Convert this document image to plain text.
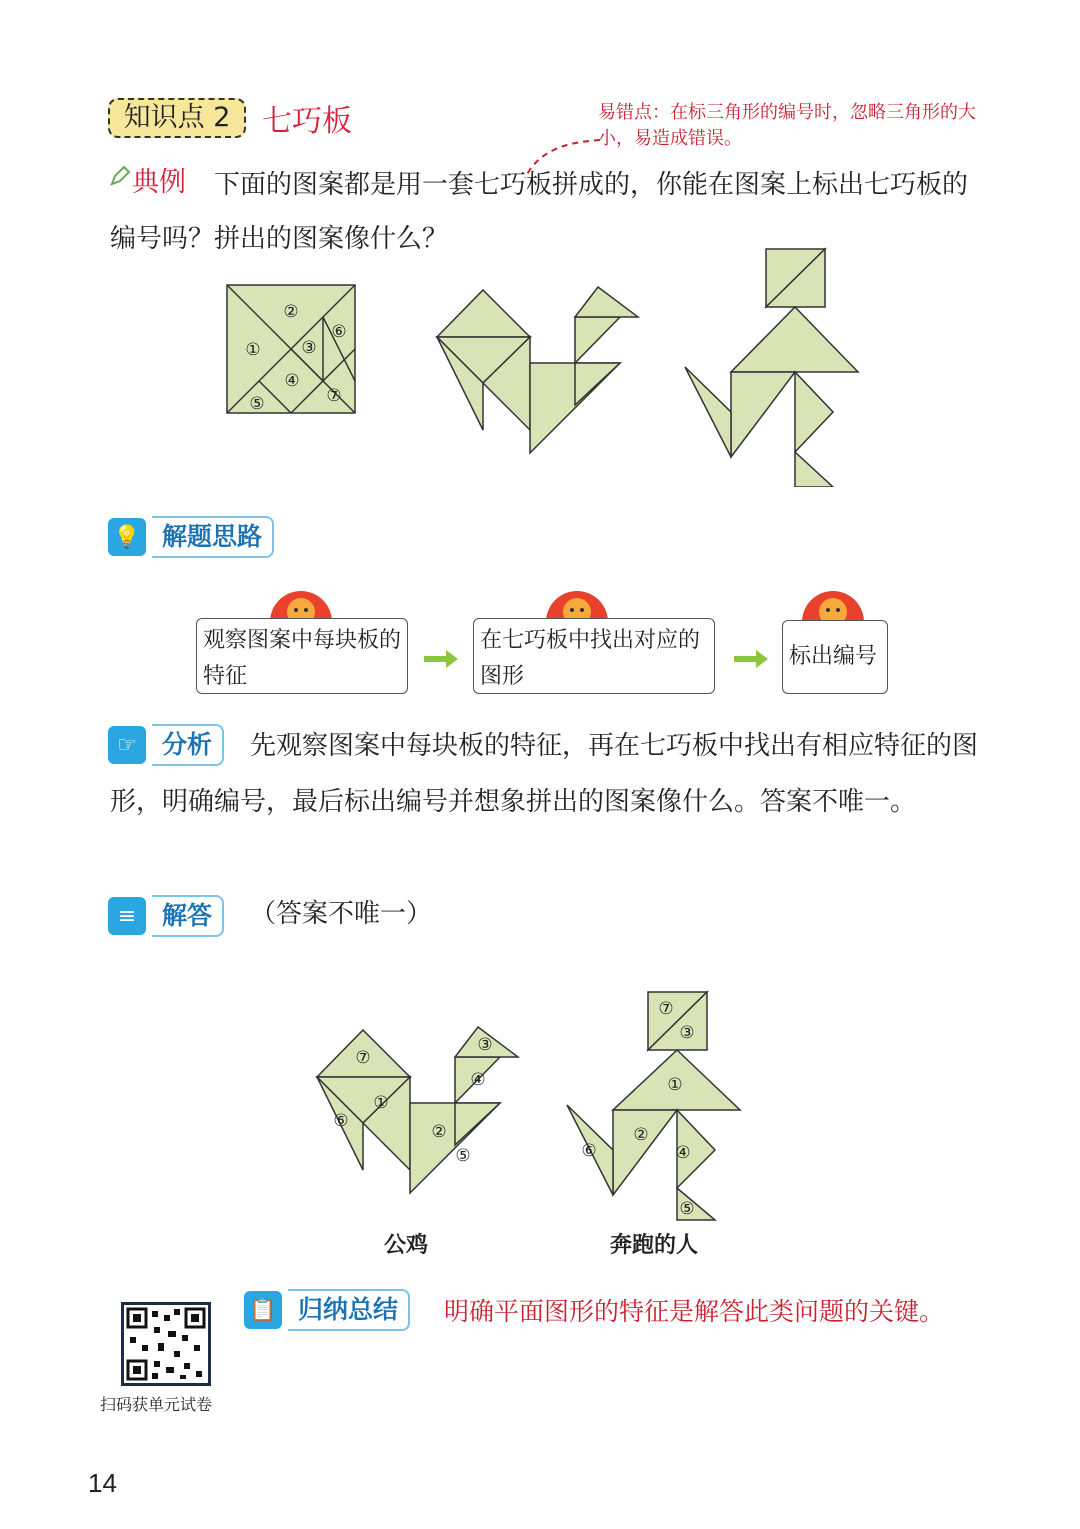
知识点 2	七巧板	易错点：在标三角形的编号时，忽略三角形的大小，易造成错误。
典例	下面的图案都是用一套七巧板拼成的，你能在图案上标出七巧板的编号吗？拼出的图案像什么？
①
②
③
④
⑤
⑥
⑦
💡 解题思路
观察图案中每块板的特征
在七巧板中找出对应的图形
标出编号
☞	分析	先观察图案中每块板的特征，再在七巧板中找出有相应特征的图形，明确编号，最后标出编号并想象拼出的图案像什么。答案不唯一。
≡	解答	（答案不唯一）
⑦
①
⑥
②
⑤
④
③
公鸡
⑦
③
①
②
④
⑥
⑤
奔跑的人
📋 归纳总结	明确平面图形的特征是解答此类问题的关键。
扫码获单元试卷
14
